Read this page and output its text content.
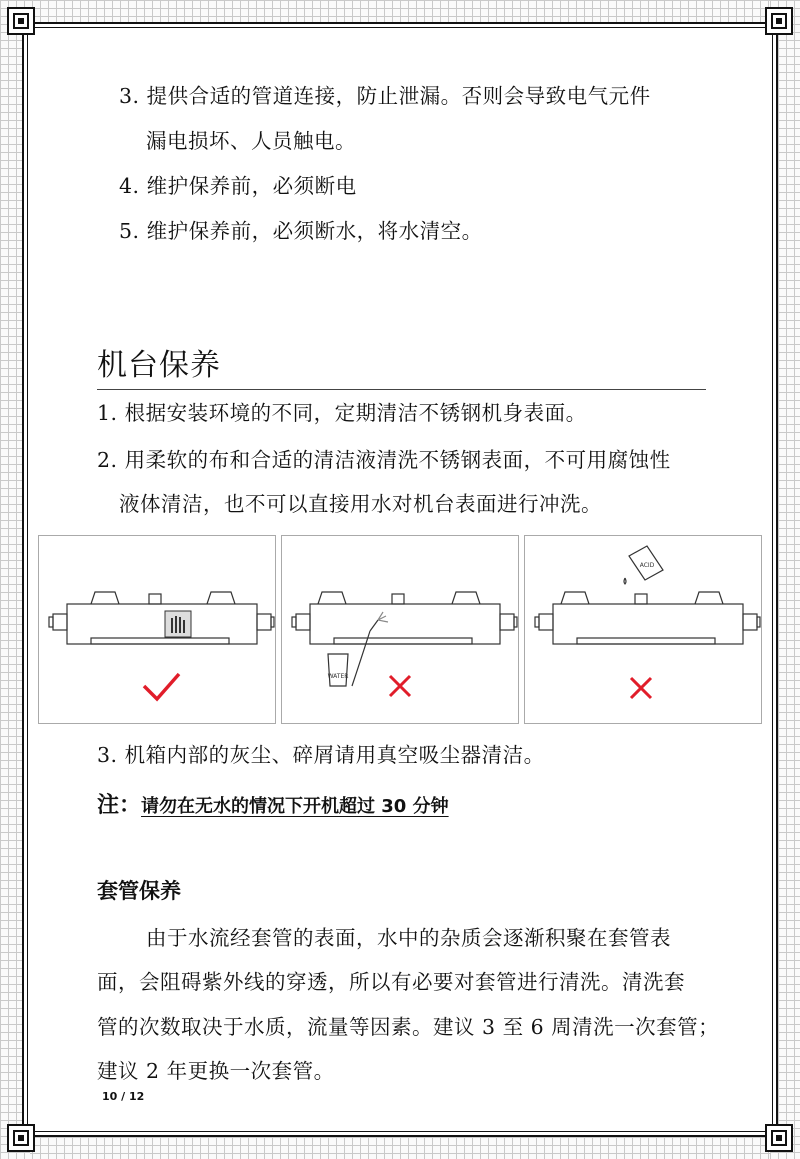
3. 提供合适的管道连接，防止泄漏。否则会导致电气元件
漏电损坏、人员触电。
4. 维护保养前，必须断电
5. 维护保养前，必须断水，将水清空。
机台保养
1. 根据安装环境的不同，定期清洁不锈钢机身表面。
2. 用柔软的布和合适的清洁液清洗不锈钢表面，不可用腐蚀性
液体清洁，也不可以直接用水对机台表面进行冲洗。
WATER
ACID
3. 机箱内部的灰尘、碎屑请用真空吸尘器清洁。
注：请勿在无水的情况下开机超过 30 分钟
套管保养
由于水流经套管的表面，水中的杂质会逐渐积聚在套管表
面，会阻碍紫外线的穿透，所以有必要对套管进行清洗。清洗套
管的次数取决于水质，流量等因素。建议 3 至 6 周清洗一次套管；
建议 2 年更换一次套管。
10 / 12
